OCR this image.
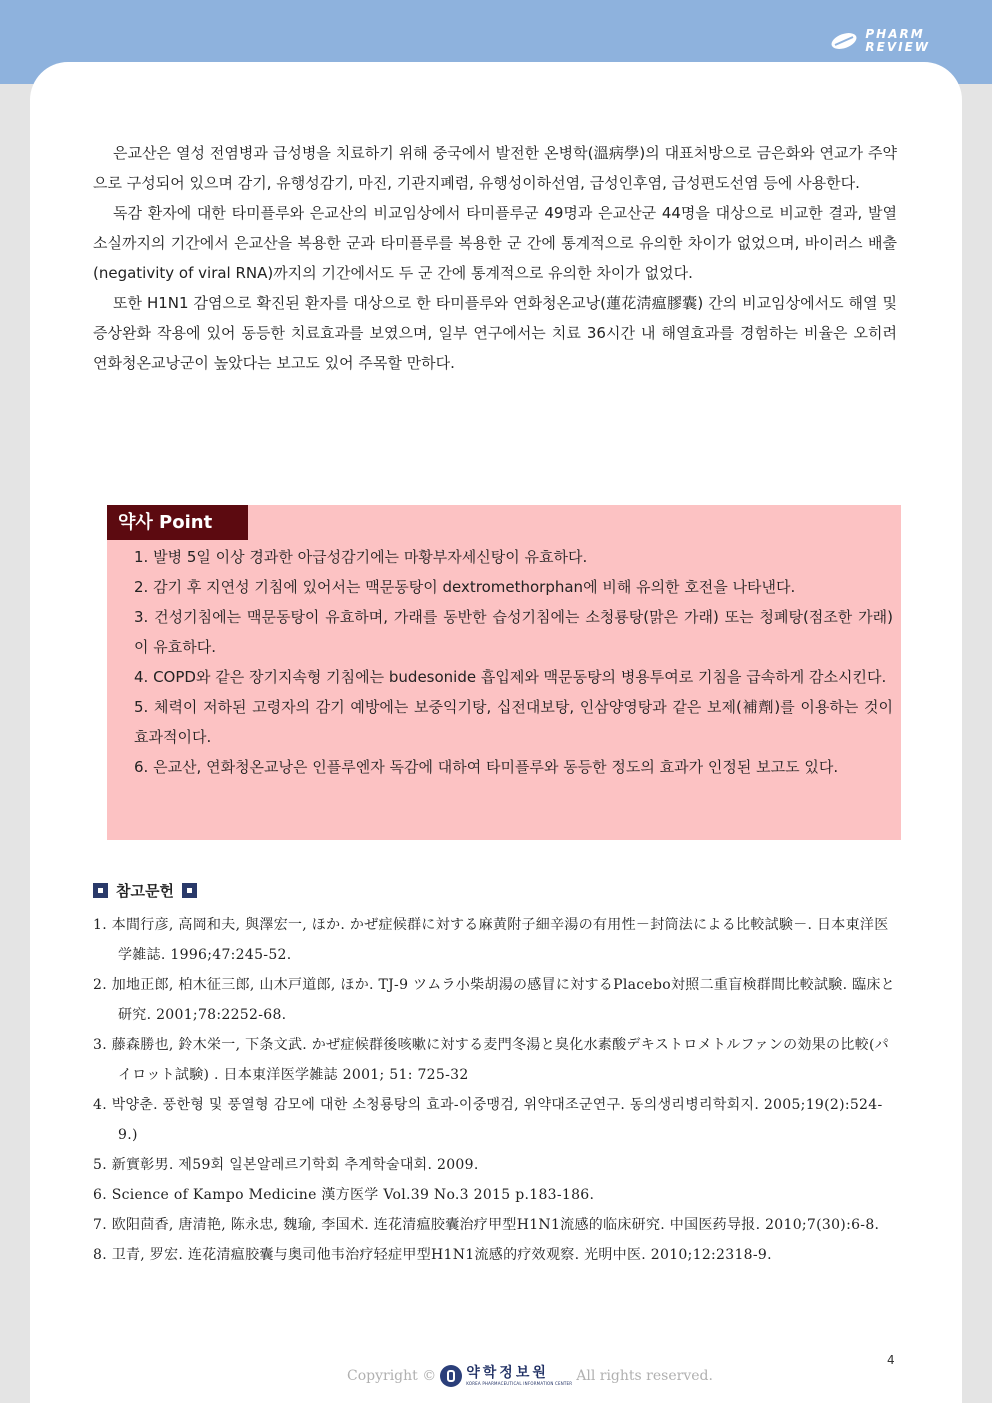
PHARM
REVIEW

은교산은 열성 전염병과 급성병을 치료하기 위해 중국에서 발전한 온병학(溫病學)의 대표처방으로 금은화와 연교가 주약으로 구성되어 있으며 감기, 유행성감기, 마진, 기관지폐렴, 유행성이하선염, 급성인후염, 급성편도선염 등에 사용한다.

독감 환자에 대한 타미플루와 은교산의 비교임상에서 타미플루군 49명과 은교산군 44명을 대상으로 비교한 결과, 발열 소실까지의 기간에서 은교산을 복용한 군과 타미플루를 복용한 군 간에 통계적으로 유의한 차이가 없었으며, 바이러스 배출(negativity of viral RNA)까지의 기간에서도 두 군 간에 통계적으로 유의한 차이가 없었다.

또한 H1N1 감염으로 확진된 환자를 대상으로 한 타미플루와 연화청온교낭(蓮花淸瘟膠囊) 간의 비교임상에서도 해열 및 증상완화 작용에 있어 동등한 치료효과를 보였으며, 일부 연구에서는 치료 36시간 내 해열효과를 경험하는 비율은 오히려 연화청온교낭군이 높았다는 보고도 있어 주목할 만하다.

약사 Point
1. 발병 5일 이상 경과한 아급성감기에는 마황부자세신탕이 유효하다.
2. 감기 후 지연성 기침에 있어서는 맥문동탕이 dextromethorphan에 비해 유의한 호전을 나타낸다.
3. 건성기침에는 맥문동탕이 유효하며, 가래를 동반한 습성기침에는 소청룡탕(맑은 가래) 또는 청폐탕(점조한 가래)이 유효하다.
4. COPD와 같은 장기지속형 기침에는 budesonide 흡입제와 맥문동탕의 병용투여로 기침을 급속하게 감소시킨다.
5. 체력이 저하된 고령자의 감기 예방에는 보중익기탕, 십전대보탕, 인삼양영탕과 같은 보제(補劑)를 이용하는 것이 효과적이다.
6. 은교산, 연화청온교낭은 인플루엔자 독감에 대하여 타미플루와 동등한 정도의 효과가 인정된 보고도 있다.
참고문헌
1. 本間行彦, 高岡和夫, 與澤宏一, ほか. かぜ症候群に対する麻黄附子細辛湯の有用性－封筒法による比較試験－. 日本東洋医学雑誌. 1996;47:245-52.
2. 加地正郎, 柏木征三郎, 山木戸道郎, ほか. TJ-9 ツムラ小柴胡湯の感冒に対するPlacebo対照二重盲検群間比較試験. 臨床と研究. 2001;78:2252-68.
3. 藤森勝也, 鈴木栄一, 下条文武. かぜ症候群後咳嗽に対する麦門冬湯と臭化水素酸デキストロメトルファンの効果の比較(パイロット試験) . 日本東洋医学雑誌 2001; 51: 725-32
4. 박양춘. 풍한형 및 풍열형 감모에 대한 소청룡탕의 효과-이중맹검, 위약대조군연구. 동의생리병리학회지. 2005;19(2):524-9.)
5. 新實彰男. 제59회 일본알레르기학회 추계학술대회. 2009.
6. Science of Kampo Medicine 漢方医学 Vol.39 No.3 2015 p.183-186.
7. 欧阳茴香, 唐清艳, 陈永忠, 魏瑜, 李国术. 连花清瘟胶囊治疗甲型H1N1流感的临床研究. 中国医药导报. 2010;7(30):6-8.
8. 卫青, 罗宏. 连花清瘟胶囊与奥司他韦治疗轻症甲型H1N1流感的疗效观察. 光明中医. 2010;12:2318-9.
4
Copyright © 약학정보원
KOREA PHARMACEUTICAL INFORMATION CENTER All rights reserved.
